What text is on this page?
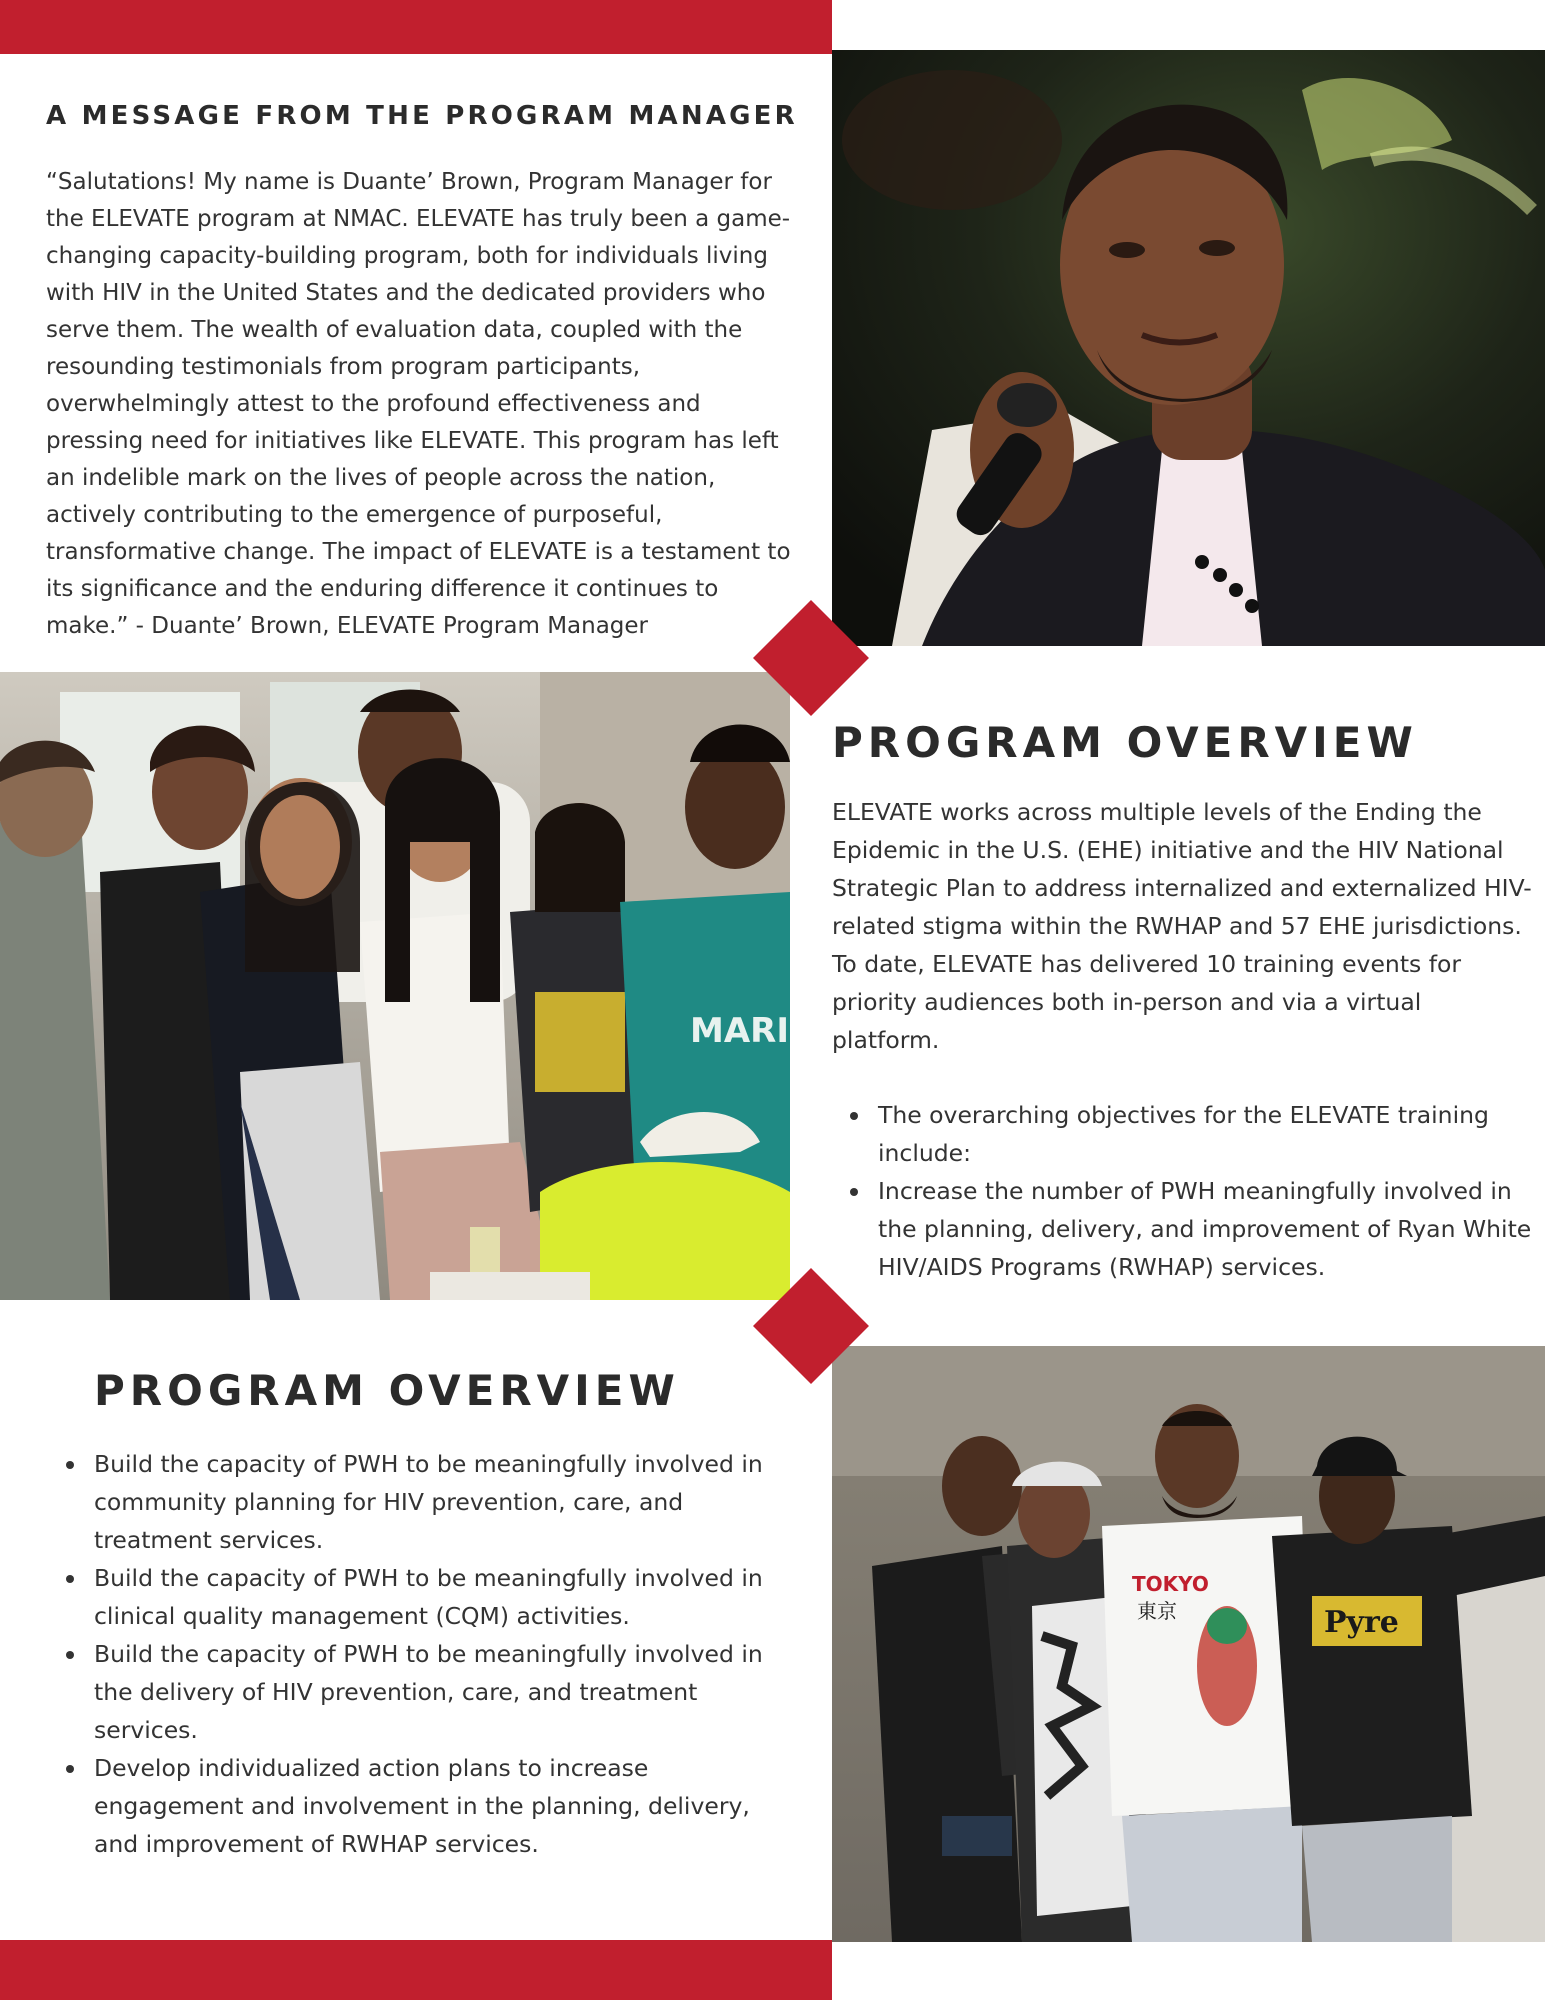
A MESSAGE FROM THE PROGRAM MANAGER

“Salutations! My name is Duante’ Brown, Program Manager for the ELEVATE program at NMAC. ELEVATE has truly been a game-changing capacity-building program, both for individuals living with HIV in the United States and the dedicated providers who serve them. The wealth of evaluation data, coupled with the resounding testimonials from program participants, overwhelmingly attest to the profound effectiveness and pressing need for initiatives like ELEVATE. This program has left an indelible mark on the lives of people across the nation, actively contributing to the emergence of purposeful, transformative change. The impact of ELEVATE is a testament to its significance and the enduring difference it continues to make.” - Duante’ Brown, ELEVATE Program Manager

MARI
TOKYO
東京	Pyre
PROGRAM OVERVIEW

ELEVATE works across multiple levels of the Ending the Epidemic in the U.S. (EHE) initiative and the HIV National Strategic Plan to address internalized and externalized HIV-related stigma within the RWHAP and 57 EHE jurisdictions. To date, ELEVATE has delivered 10 training events for priority audiences both in-person and via a virtual platform.

The overarching objectives for the ELEVATE training include:
Increase the number of PWH meaningfully involved in the planning, delivery, and improvement of Ryan White HIV/AIDS Programs (RWHAP) services.
PROGRAM OVERVIEW
Build the capacity of PWH to be meaningfully involved in community planning for HIV prevention, care, and treatment services.
Build the capacity of PWH to be meaningfully involved in clinical quality management (CQM) activities.
Build the capacity of PWH to be meaningfully involved in the delivery of HIV prevention, care, and treatment services.
Develop individualized action plans to increase engagement and involvement in the planning, delivery, and improvement of RWHAP services.
